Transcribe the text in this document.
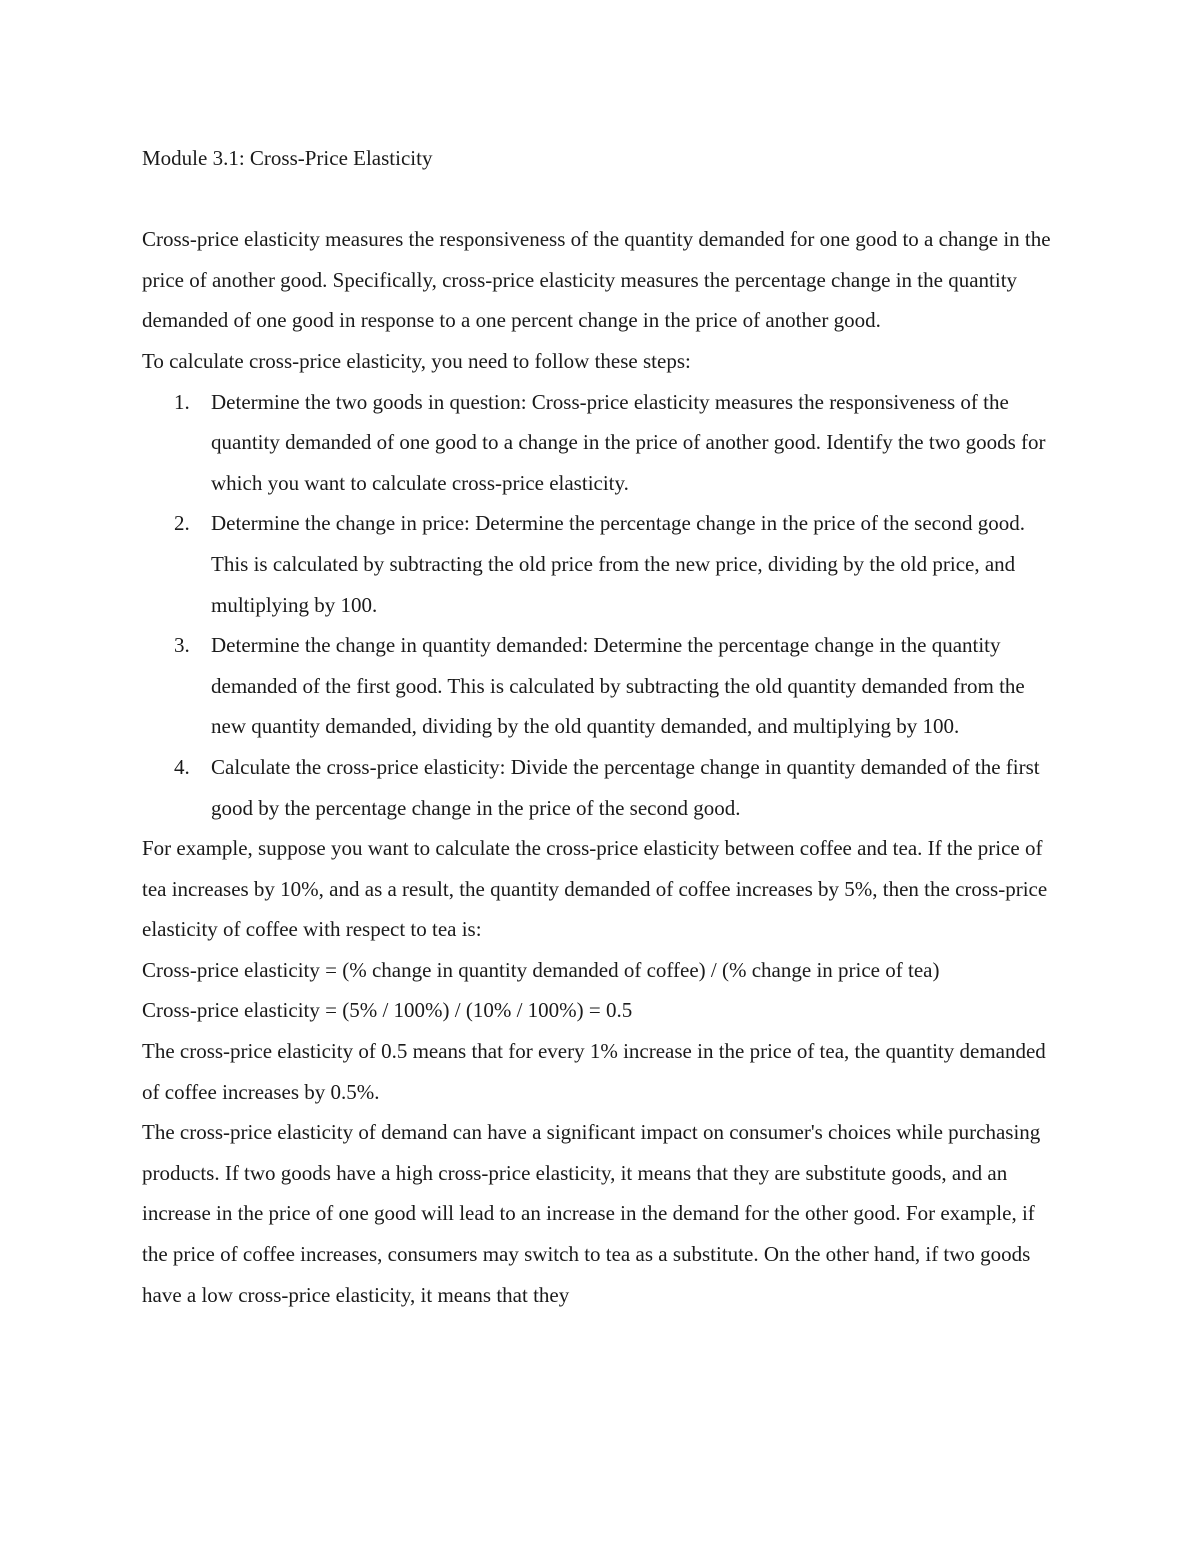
Module 3.1: Cross-Price Elasticity

Cross-price elasticity measures the responsiveness of the quantity demanded for one good to a change in the price of another good. Specifically, cross-price elasticity measures the percentage change in the quantity demanded of one good in response to a one percent change in the price of another good.

To calculate cross-price elasticity, you need to follow these steps:

1.	Determine the two goods in question: Cross-price elasticity measures the responsiveness of the quantity demanded of one good to a change in the price of another good. Identify the two goods for which you want to calculate cross-price elasticity.
2.	Determine the change in price: Determine the percentage change in the price of the second good. This is calculated by subtracting the old price from the new price, dividing by the old price, and multiplying by 100.
3.	Determine the change in quantity demanded: Determine the percentage change in the quantity demanded of the first good. This is calculated by subtracting the old quantity demanded from the new quantity demanded, dividing by the old quantity demanded, and multiplying by 100.
4.	Calculate the cross-price elasticity: Divide the percentage change in quantity demanded of the first good by the percentage change in the price of the second good.

For example, suppose you want to calculate the cross-price elasticity between coffee and tea. If the price of tea increases by 10%, and as a result, the quantity demanded of coffee increases by 5%, then the cross-price elasticity of coffee with respect to tea is:

Cross-price elasticity = (% change in quantity demanded of coffee) / (% change in price of tea)

Cross-price elasticity = (5% / 100%) / (10% / 100%) = 0.5

The cross-price elasticity of 0.5 means that for every 1% increase in the price of tea, the quantity demanded of coffee increases by 0.5%.

The cross-price elasticity of demand can have a significant impact on consumer's choices while purchasing products. If two goods have a high cross-price elasticity, it means that they are substitute goods, and an increase in the price of one good will lead to an increase in the demand for the other good. For example, if the price of coffee increases, consumers may switch to tea as a substitute. On the other hand, if two goods have a low cross-price elasticity, it means that they
